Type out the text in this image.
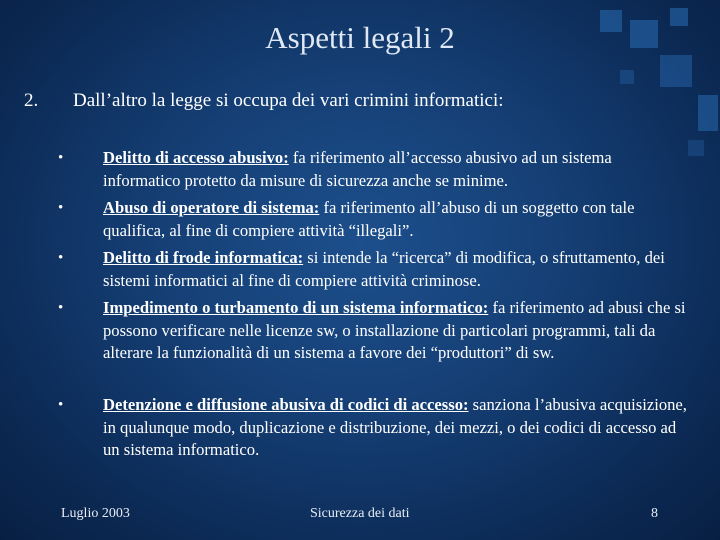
Aspetti legali 2
2. Dall’altro la legge si occupa dei vari crimini informatici:
• Delitto di accesso abusivo: fa riferimento all’accesso abusivo ad un sistema informatico protetto da misure di sicurezza anche se minime.
• Abuso di operatore di sistema: fa riferimento all’abuso di un soggetto con tale qualifica, al fine di compiere attività “illegali”.
• Delitto di frode informatica: si intende la “ricerca” di modifica, o sfruttamento, dei sistemi informatici al fine di compiere attività criminose.
• Impedimento o turbamento di un sistema informatico: fa riferimento ad abusi che si possono verificare nelle licenze sw, o installazione di particolari programmi, tali da alterare la funzionalità di un sistema a favore dei “produttori” di sw.
• Detenzione e diffusione abusiva di codici di accesso: sanziona l’abusiva acquisizione, in qualunque modo, duplicazione e distribuzione, dei mezzi, o dei codici di accesso ad un sistema informatico.
Luglio 2003	Sicurezza dei dati	8
